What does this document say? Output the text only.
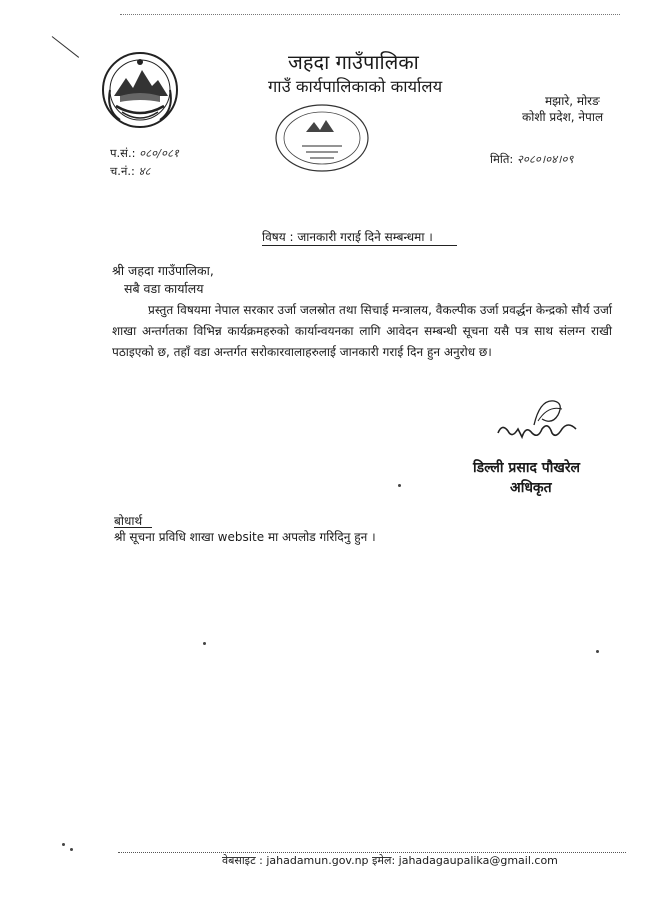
जहदा गाउँपालिका
गाउँ कार्यपालिकाको कार्यालय
मझारे, मोरङ
कोशी प्रदेश, नेपाल
प.सं.: ०८०/०८१
च.नं.: ४८
मिति: २०८०।०४।०९
विषय : जानकारी गराई दिने सम्बन्धमा ।
श्री जहदा गाउँपालिका,
सबै वडा कार्यालय
प्रस्तुत विषयमा नेपाल सरकार उर्जा जलस्रोत तथा सिचाई मन्त्रालय, वैकल्पीक उर्जा प्रवर्द्धन केन्द्रको सौर्य उर्जा शाखा अन्तर्गतका विभिन्न कार्यक्रमहरुको कार्यान्वयनका लागि आवेदन सम्बन्धी सूचना यसै पत्र साथ संलग्न राखी पठाइएको छ, तहाँ वडा अन्तर्गत सरोकारवालाहरुलाई जानकारी गराई दिन हुन अनुरोध छ।
डिल्ली प्रसाद पौखरेल
अधिकृत
बोधार्थ
श्री सूचना प्रविधि शाखा website मा अपलोड गरिदिनु हुन ।
वेबसाइट : jahadamun.gov.np इमेल: jahadagaupalika@gmail.com
